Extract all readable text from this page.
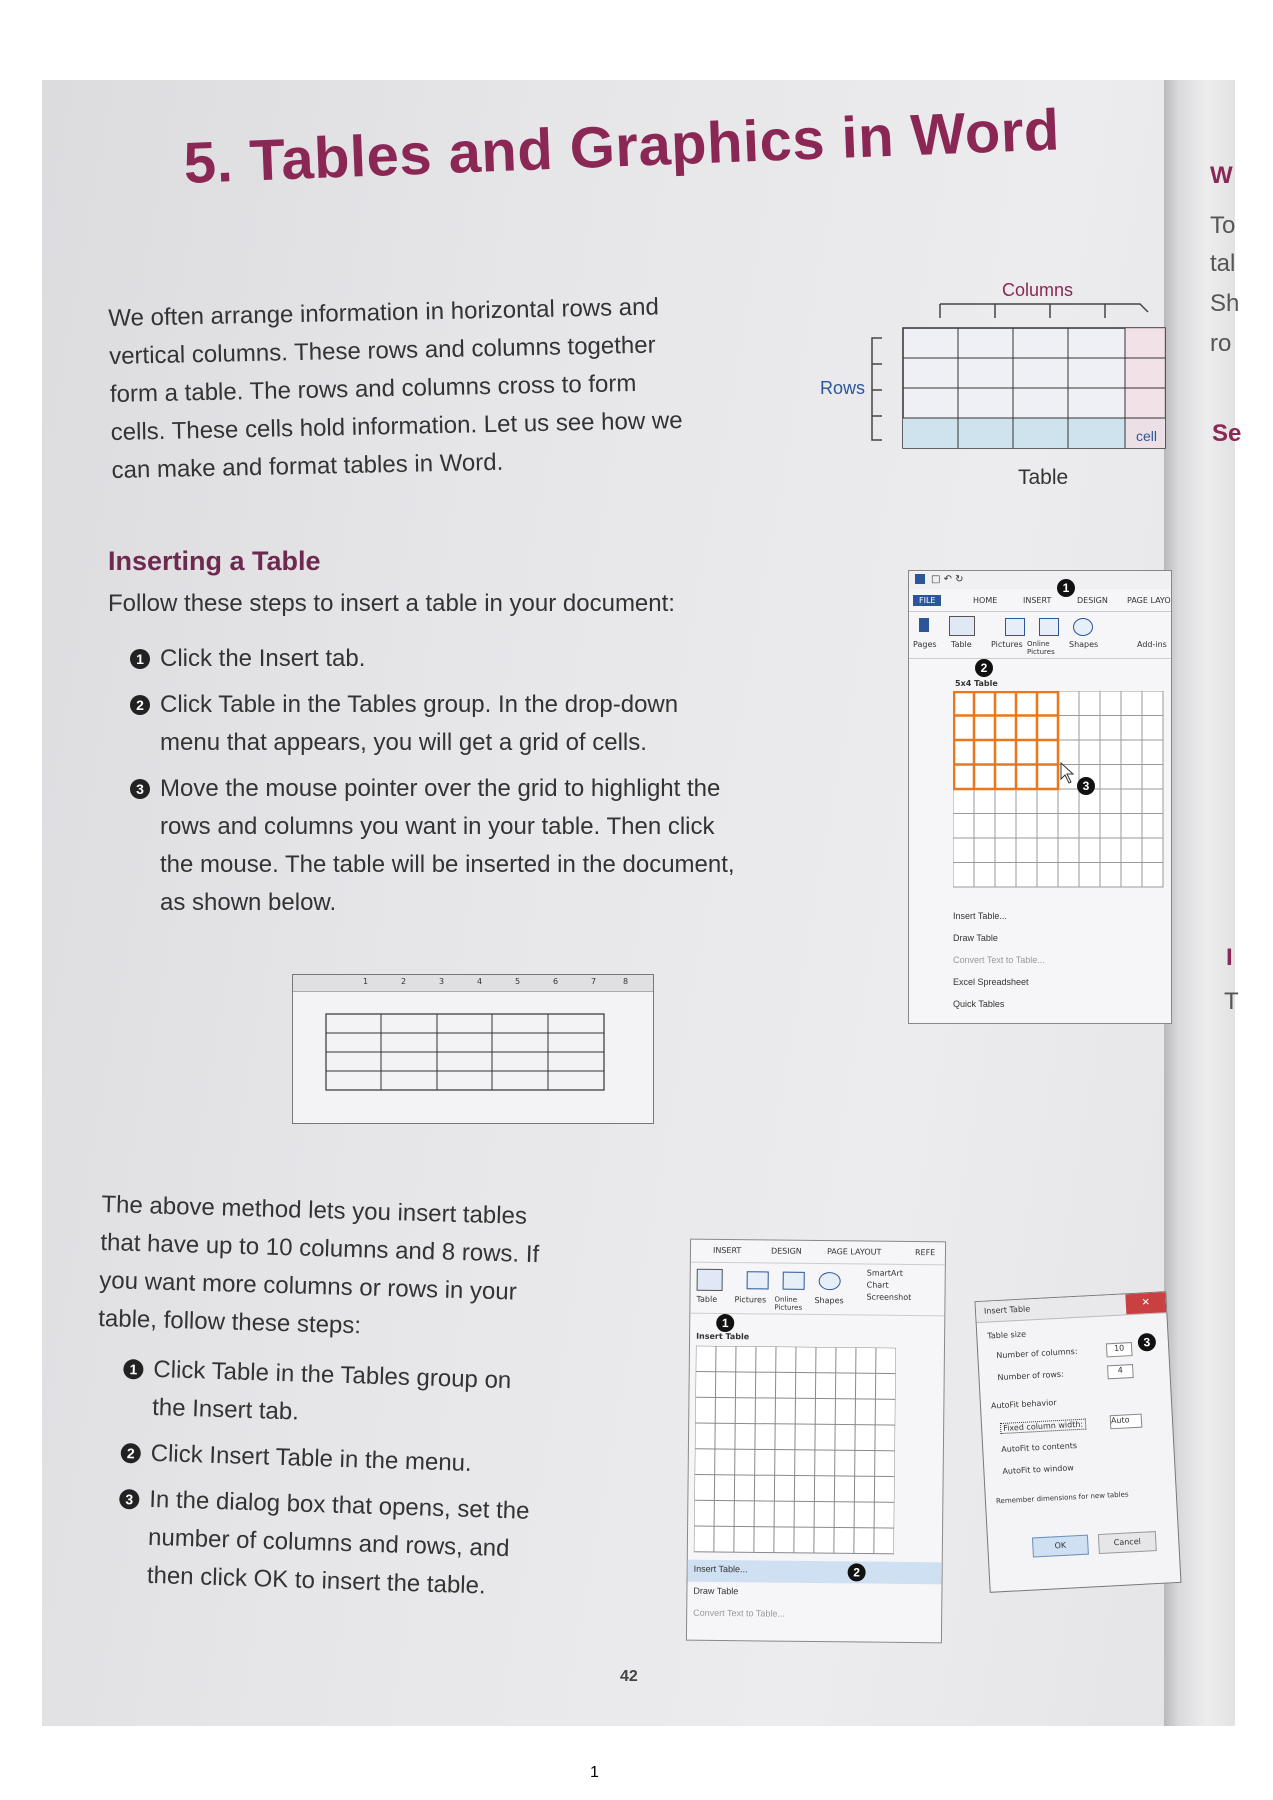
5. Tables and Graphics in Word
We often arrange information in horizontal rows and
vertical columns. These rows and columns together
form a table. The rows and columns cross to form
cells. These cells hold information. Let us see how we
can make and format tables in Word.
Columns
Rows
cell
Table
Inserting a Table
Follow these steps to insert a table in your document:
1 Click the Insert tab.
2 Click Table in the Tables group. In the drop-down
menu that appears, you will get a grid of cells.
3 Move the mouse pointer over the grid to highlight the
rows and columns you want in your table. Then click
the mouse. The table will be inserted in the document,
as shown below.
1	2	3	4	5	6	7	8
□ ↶ ↻
FILE	HOME	INSERT	DESIGN PAGE LAYO
1
Pages Table Pictures Online Pictures
Shapes	Add-ins
2
5x4 Table
3
Insert Table...
Draw Table
Convert Text to Table...
Excel Spreadsheet
Quick Tables
The above method lets you insert tables
that have up to 10 columns and 8 rows. If
you want more columns or rows in your
table, follow these steps:
1 Click Table in the Tables group on
the Insert tab.
2 Click Insert Table in the menu.
3 In the dialog box that opens, set the
number of columns and rows, and
then click OK to insert the table.
INSERT	DESIGN	PAGE LAYOUT	REFE
Table Pictures Online Pictures
Shapes
SmartArt
Chart
Screenshot
1
Insert Table
Insert Table...
Draw Table
Convert Text to Table...
2
Insert Table
✕
3
Table size
Number of columns:	10
Number of rows:	4
AutoFit behavior
Fixed column width:	Auto
AutoFit to contents
AutoFit to window
Remember dimensions for new tables
OK	Cancel
W
To
tal
Sh
ro
Se
I
T
42
1
